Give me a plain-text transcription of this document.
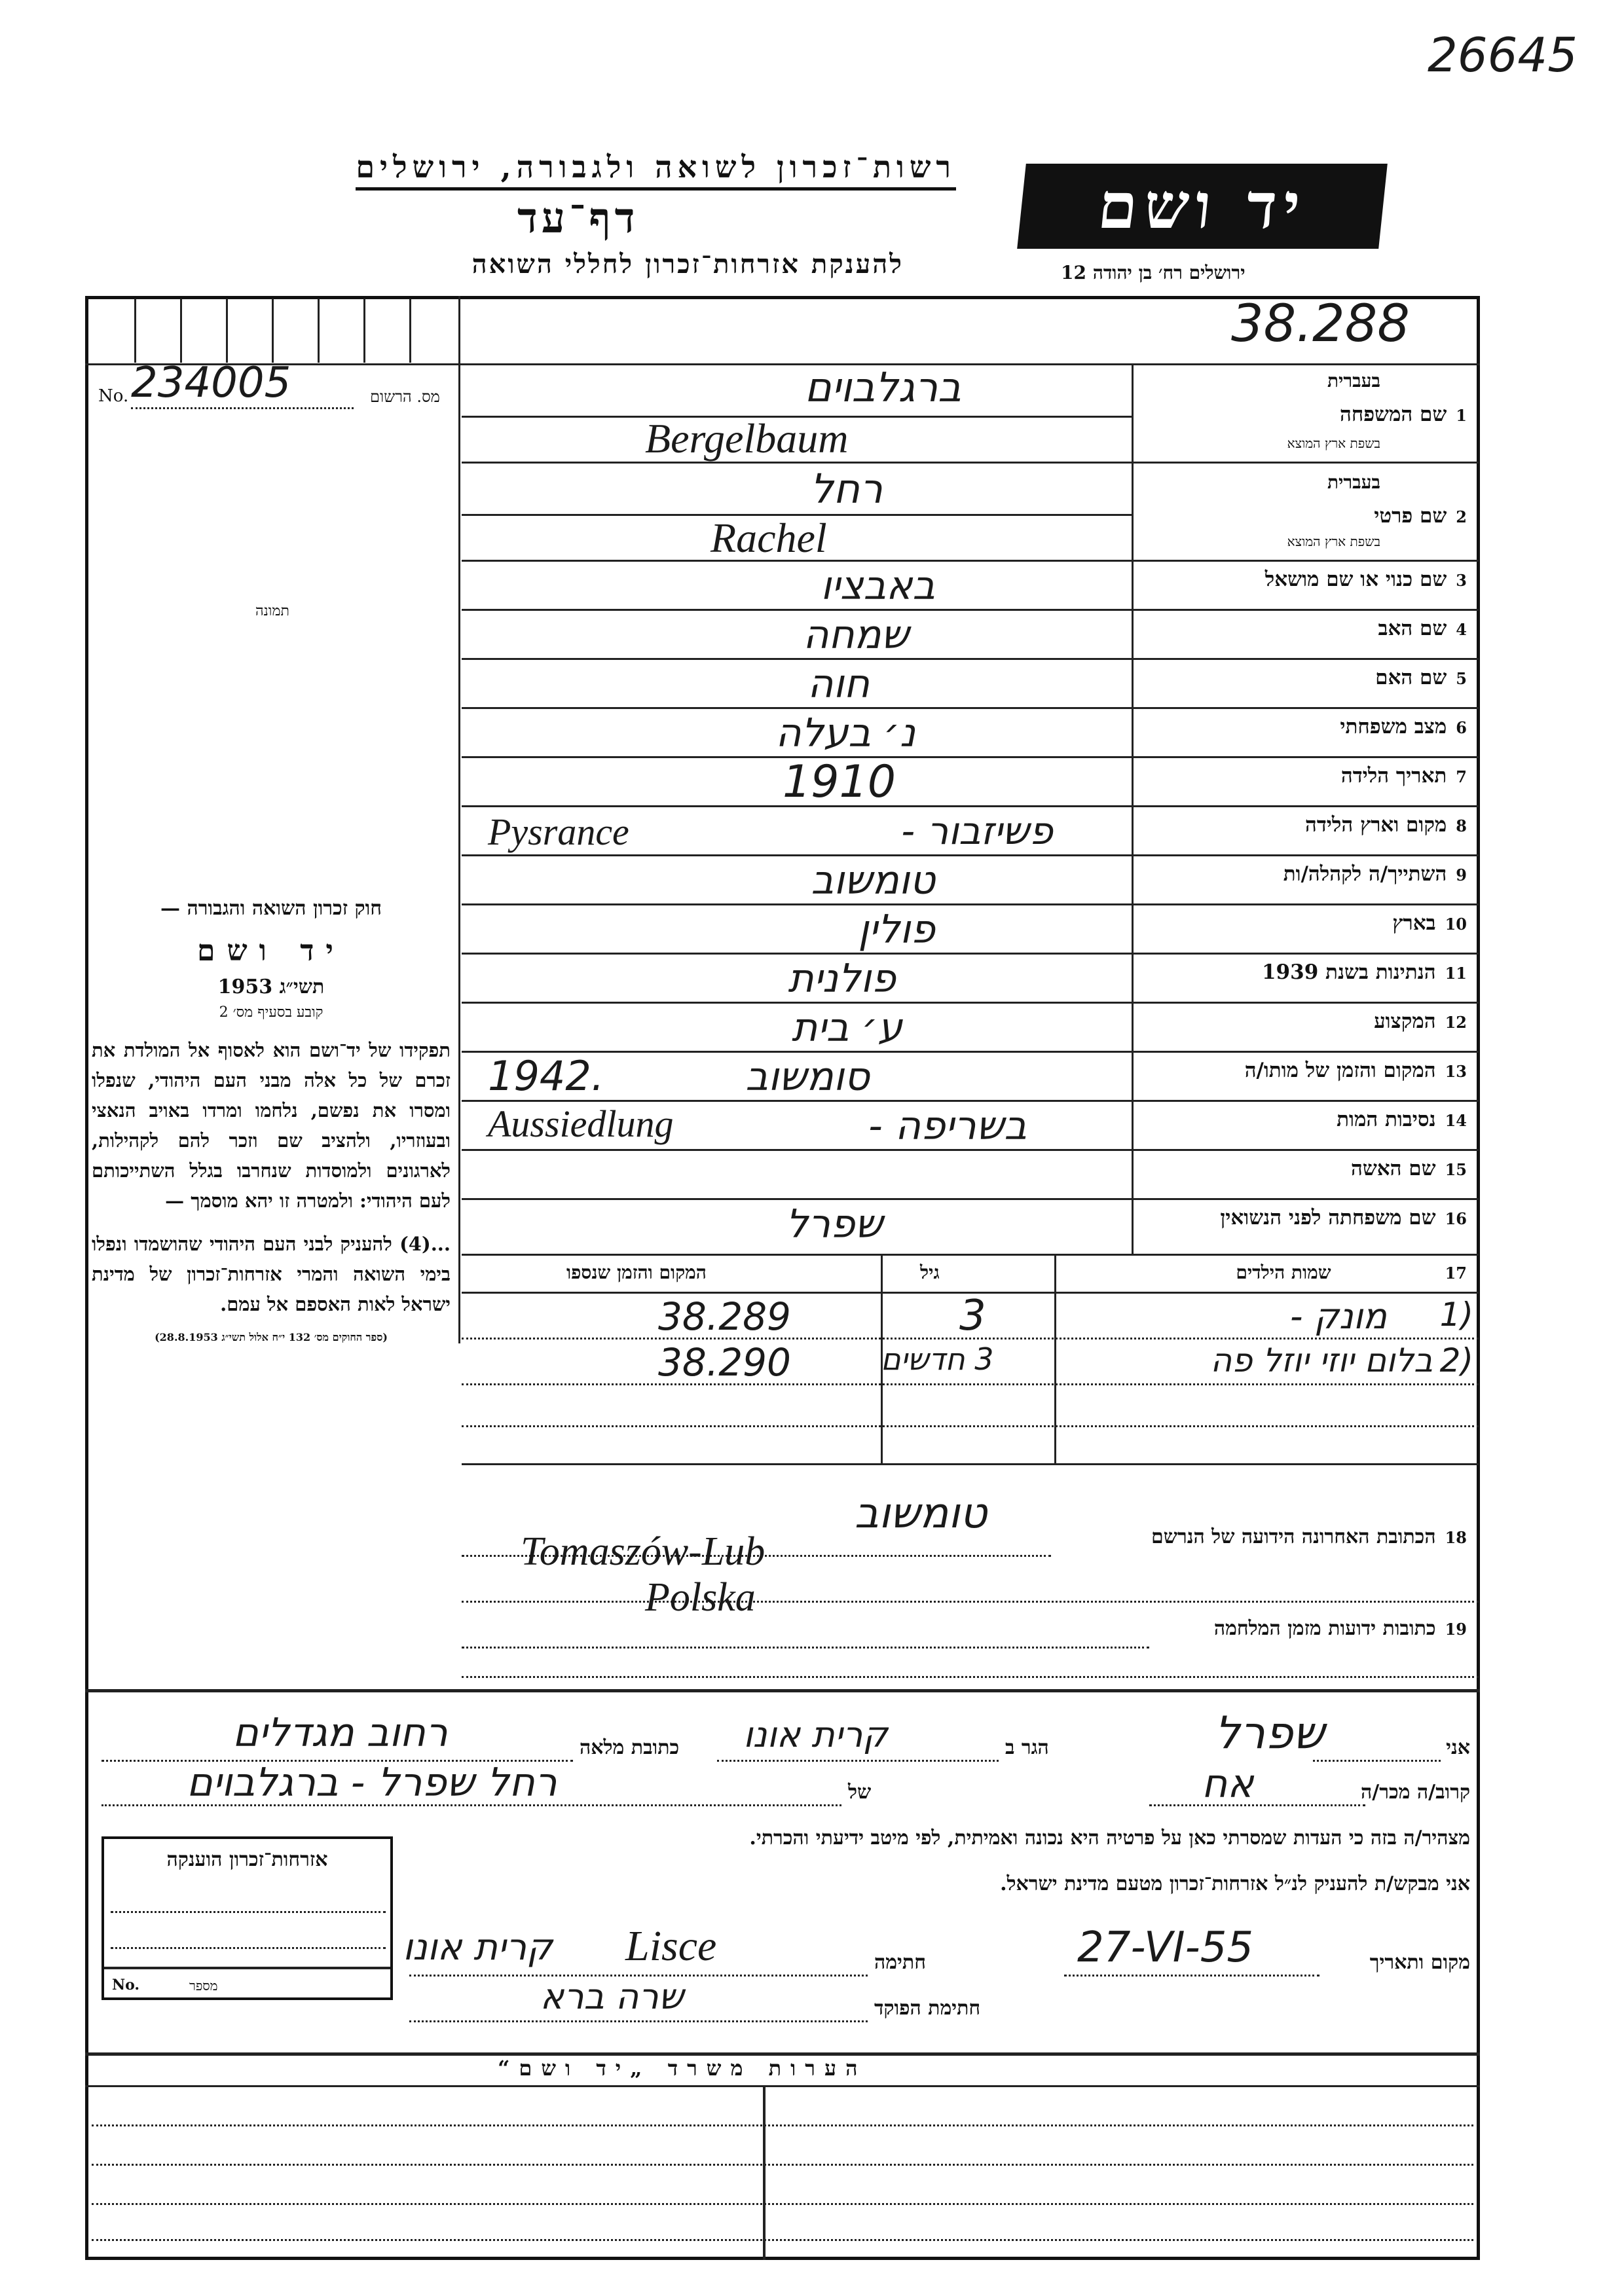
26645
רשות־זכרון לשואה ולגבורה, ירושלים
דף־עד
להענקת אזרחות־זכרון לחללי השואה
יד ושם
ירושלים רח׳ בן יהודה 12
38.288
No. 234005	מס. הרשום
תמונה
1שם המשפחה
בעברית
בשפת ארץ המוצא
2שם פרטי
בעברית
בשפת ארץ המוצא
3שם כנוי או שם מושאל
4שם האב
5שם האם
6מצב משפחתי
7תאריך הלידה
8מקום וארץ הלידה
9השתייך/ה לקהלה/ות
10בארץ
11הנתינות בשנת 1939
12המקצוע
13המקום והזמן של מותו/ה
14נסיבות המות
15שם האשה
16שם משפחתה לפני הנשואין
ברגלבוים
Bergelbaum
רחל
Rachel
באבציו
שמחה
חוה
נ׳ בעלה
1910
פשיזבור -
Pysrance
טומשוב
פולין
פולנית
ע׳ בית
סומשוב
1942.
בשריפה -
Aussiedlung
שפרל
17שמות הילדים
גיל
המקום והזמן שנספו
1)
מונק -
3
38.289
2)
בלום יוזי יוזל פה
3 חדשים
38.290
18הכתובת האחרונה הידועה של הנרשם
19כתובות ידועות מזמן המלחמה
טומשוב
Tomaszów-Lub
Polska
חוק זכרון השואה והגבורה —
יד ושם
תשי״ג 1953
קובע בסעיף מס׳ 2
תפקידו של יד־ושם הוא לאסוף אל המולדת את זכרם של כל אלה מבני העם היהודי, שנפלו ומסרו את נפשם, נלחמו ומרדו באויב הנאצי ובעוזריו, ולהציב שם וזכר להם לקהילות, לארגונים ולמוסדות שנחרבו בגלל השתייכותם לעם היהודי: ולמטרה זו יהא מוסמך —
...(4) להעניק לבני העם היהודי שהושמדו ונפלו בימי השואה והמרי אזרחות־זכרון של מדינת ישראל לאות האספם אל עמם.
(ספר החוקים מס׳ 132 י״ח אלול תשי״ג 28.8.1953)
אני
שפרל
הגר ב
קרית אונו
כתובת מלאה
רחוב מגדלים
קרוב/ה מכר/ה
אח
של
רחל שפרל - ברגלבוים
מצהיר/ה בזה כי העדות שמסרתי כאן על פרטיה היא נכונה ואמיתית, לפי מיטב ידיעתי והכרתי.
אני מבקש/ת להעניק לנ״ל אזרחות־זכרון מטעם מדינת ישראל.
מקום ותאריך
27-VI-55
חתימה
קרית אונו Lisce
חתימת הפוקד
שרה ברא
אזרחות־זכרון הוענקה
No.	מספר
הערות משרד „יד ושם“
